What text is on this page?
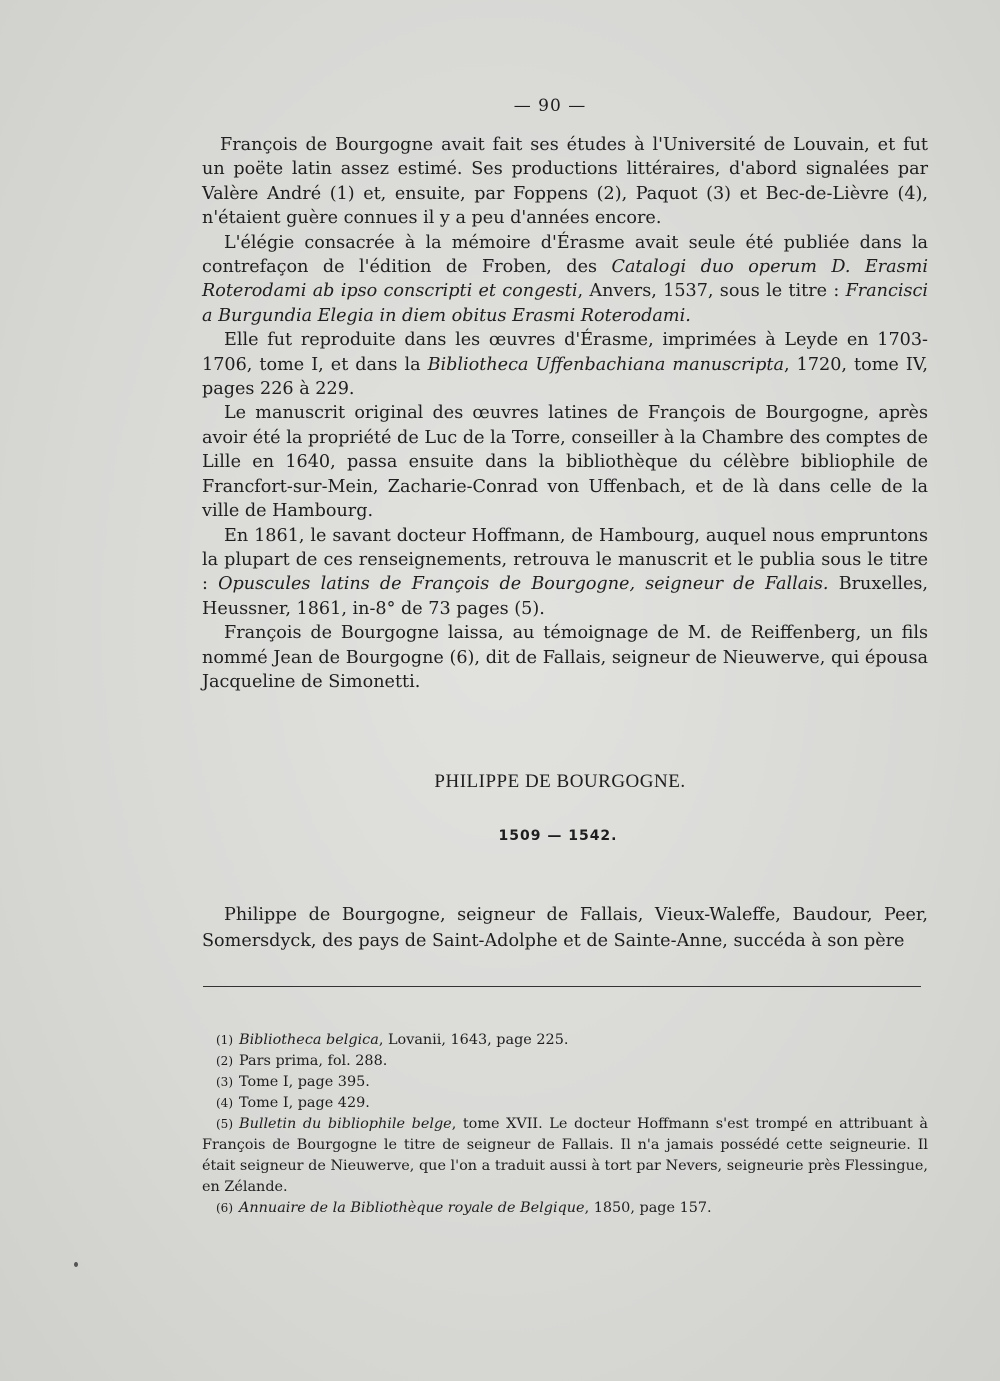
— 90 —

François de Bourgogne avait fait ses études à l'Université de Louvain, et fut un poëte latin assez estimé. Ses productions littéraires, d'abord signalées par Valère André (1) et, ensuite, par Foppens (2), Paquot (3) et Bec-de-Lièvre (4), n'étaient guère connues il y a peu d'années encore.

L'élégie consacrée à la mémoire d'Érasme avait seule été publiée dans la contrefaçon de l'édition de Froben, des Catalogi duo operum D. Erasmi Roterodami ab ipso conscripti et congesti, Anvers, 1537, sous le titre : Francisci a Burgundia Elegia in diem obitus Erasmi Roterodami.

Elle fut reproduite dans les œuvres d'Érasme, imprimées à Leyde en 1703-1706, tome I, et dans la Bibliotheca Uffenbachiana manuscripta, 1720, tome IV, pages 226 à 229.

Le manuscrit original des œuvres latines de François de Bourgogne, après avoir été la propriété de Luc de la Torre, conseiller à la Chambre des comptes de Lille en 1640, passa ensuite dans la bibliothèque du célèbre bibliophile de Francfort-sur-Mein, Zacharie-Conrad von Uffenbach, et de là dans celle de la ville de Hambourg.

En 1861, le savant docteur Hoffmann, de Hambourg, auquel nous empruntons la plupart de ces renseignements, retrouva le manuscrit et le publia sous le titre : Opuscules latins de François de Bourgogne, seigneur de Fallais. Bruxelles, Heussner, 1861, in-8° de 73 pages (5).

François de Bourgogne laissa, au témoignage de M. de Reiffenberg, un fils nommé Jean de Bourgogne (6), dit de Fallais, seigneur de Nieuwerve, qui épousa Jacqueline de Simonetti.

PHILIPPE DE BOURGOGNE.
1509 — 1542.

Philippe de Bourgogne, seigneur de Fallais, Vieux-Waleffe, Baudour, Peer, Somersdyck, des pays de Saint-Adolphe et de Sainte-Anne, succéda à son père

(1) Bibliotheca belgica, Lovanii, 1643, page 225.

(2) Pars prima, fol. 288.

(3) Tome I, page 395.

(4) Tome I, page 429.

(5) Bulletin du bibliophile belge, tome XVII. Le docteur Hoffmann s'est trompé en attribuant à François de Bourgogne le titre de seigneur de Fallais. Il n'a jamais possédé cette seigneurie. Il était seigneur de Nieuwerve, que l'on a traduit aussi à tort par Nevers, seigneurie près Flessingue, en Zélande.

(6) Annuaire de la Bibliothèque royale de Belgique, 1850, page 157.
